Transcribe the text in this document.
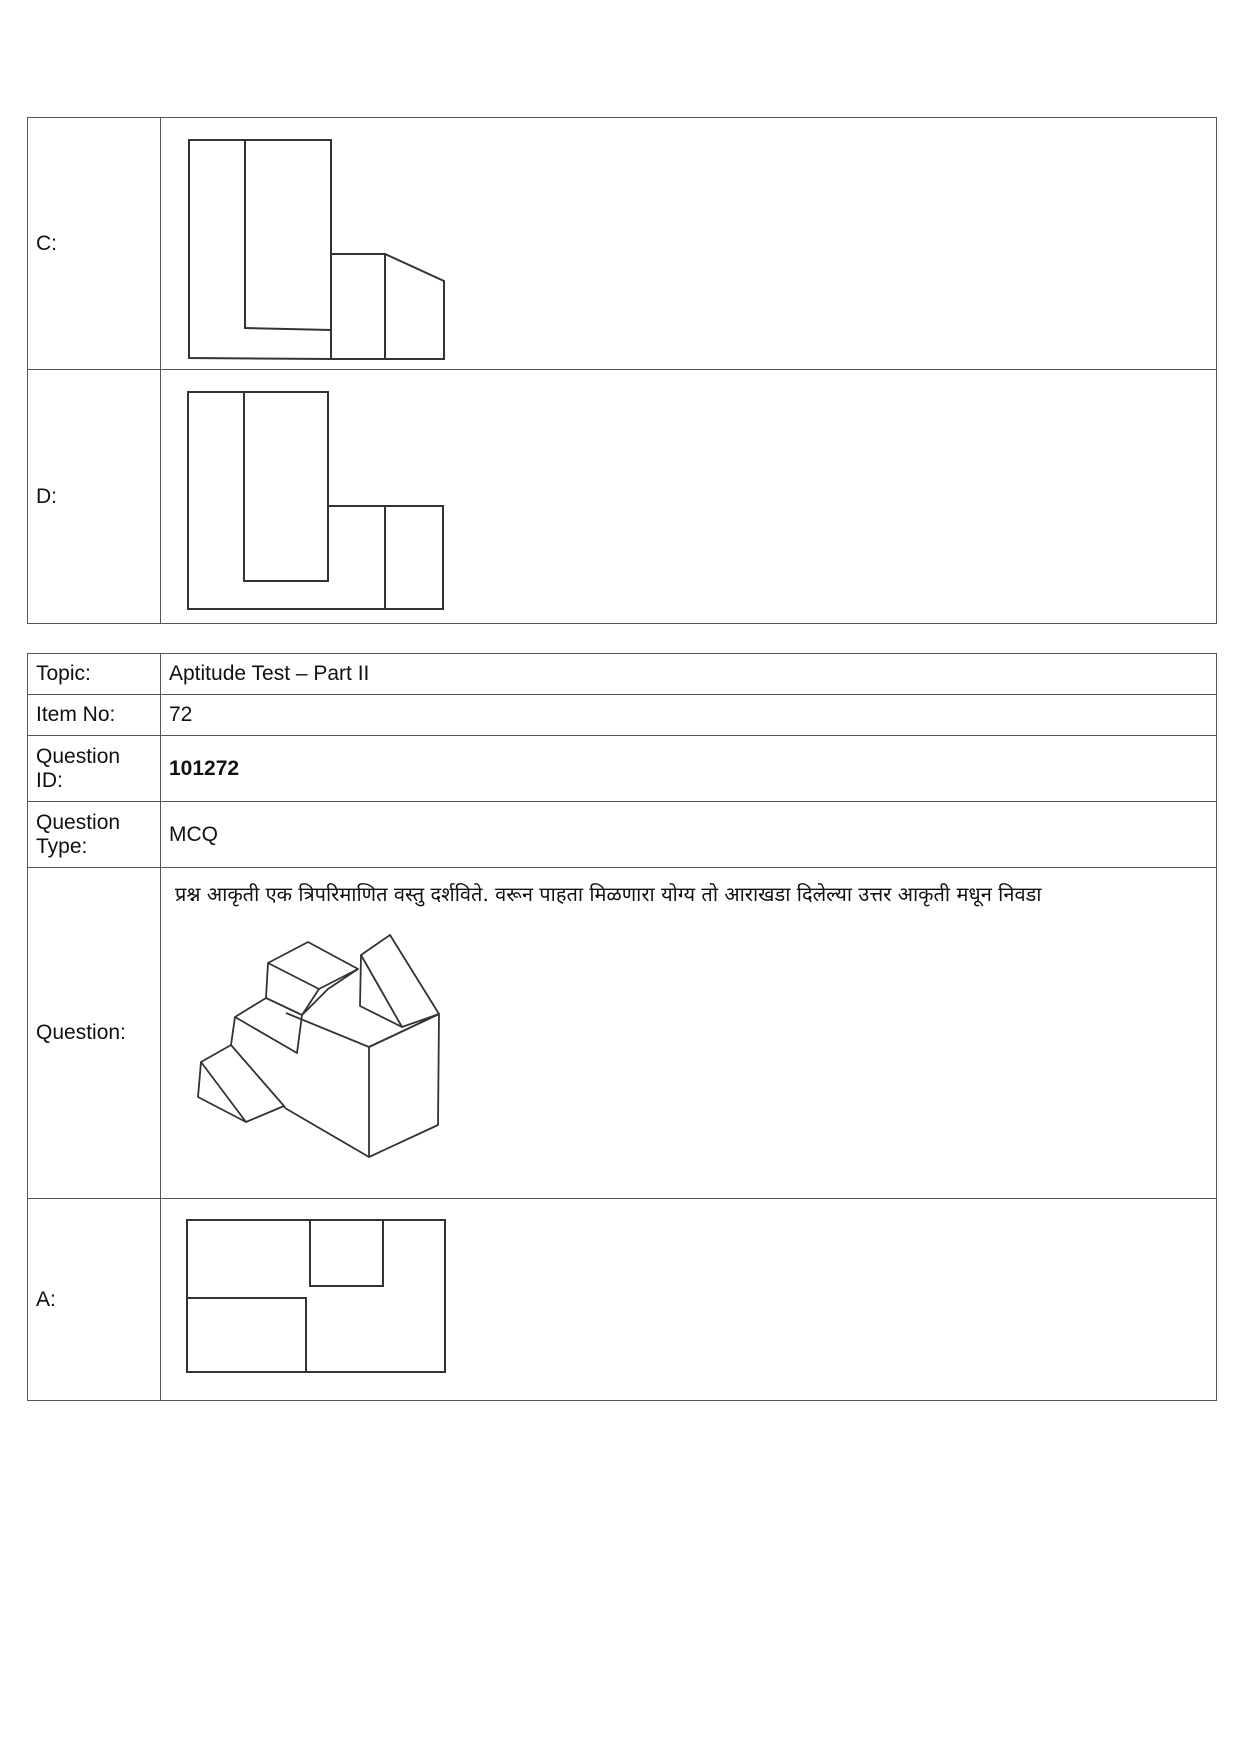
C:	

D:	
Topic:	Aptitude Test – Part II
Item No:	72
Question ID:	101272
Question Type:	MCQ
Question:	प्रश्न आकृती एक त्रिपरिमाणित वस्तु दर्शविते. वरून पाहता मिळणारा योग्य तो आराखडा दिलेल्या उत्तर आकृती मधून निवडा

A:	
